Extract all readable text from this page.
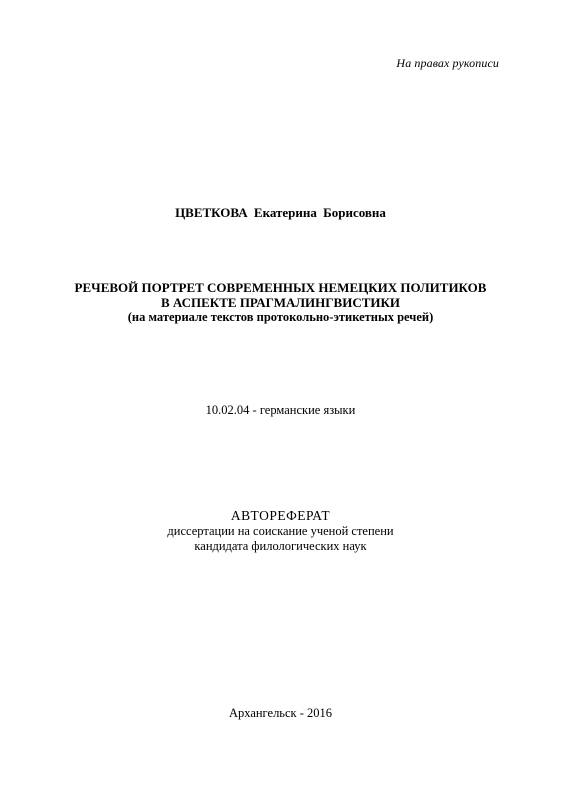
На правах рукописи
ЦВЕТКОВА Екатерина Борисовна
РЕЧЕВОЙ ПОРТРЕТ СОВРЕМЕННЫХ НЕМЕЦКИХ ПОЛИТИКОВ
В АСПЕКТЕ ПРАГМАЛИНГВИСТИКИ
(на материале текстов протокольно-этикетных речей)
10.02.04 - германские языки
АВТОРЕФЕРАТ
диссертации на соискание ученой степени
кандидата филологических наук
Архангельск - 2016
